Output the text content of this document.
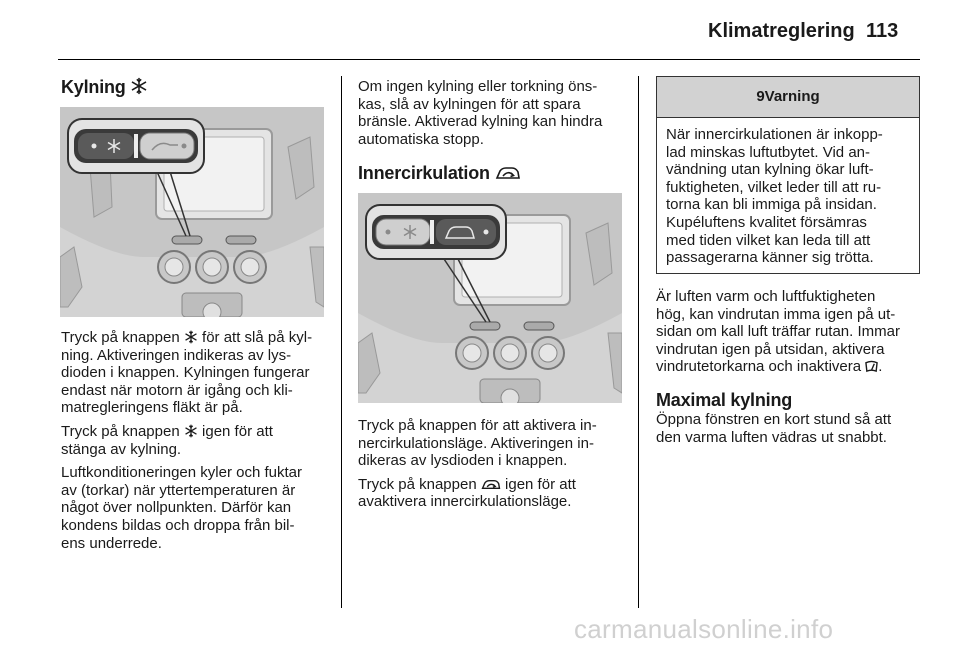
Klimatreglering 113
Kylning

Tryck på knappen för att slå på kyl-
ning. Aktiveringen indikeras av lys-
dioden i knappen. Kylningen fungerar
endast när motorn är igång och kli-
matregleringens fläkt är på.

Tryck på knappen igen för att
stänga av kylning.

Luftkonditioneringen kyler och fuktar
av (torkar) när yttertemperaturen är
något över nollpunkten. Därför kan
kondens bildas och droppa från bil-
ens underrede.

Om ingen kylning eller torkning öns-
kas, slå av kylningen för att spara
bränsle. Aktiverad kylning kan hindra
automatiska stopp.

Innercirkulation

Tryck på knappen för att aktivera in-
nercirkulationsläge. Aktiveringen in-
dikeras av lysdioden i knappen.

Tryck på knappen igen för att
avaktivera innercirkulationsläge.

9Varning
När innercirkulationen är inkopp-
lad minskas luftutbytet. Vid an-
vändning utan kylning ökar luft-
fuktigheten, vilket leder till att ru-
torna kan bli immiga på insidan.
Kupéluftens kvalitet försämras
med tiden vilket kan leda till att
passagerarna känner sig trötta.

Är luften varm och luftfuktigheten
hög, kan vindrutan imma igen på ut-
sidan om kall luft träffar rutan. Immar
vindrutan igen på utsidan, aktivera
vindrutetorkarna och inaktivera .

Maximal kylning

Öppna fönstren en kort stund så att
den varma luften vädras ut snabbt.

carmanualsonline.info
